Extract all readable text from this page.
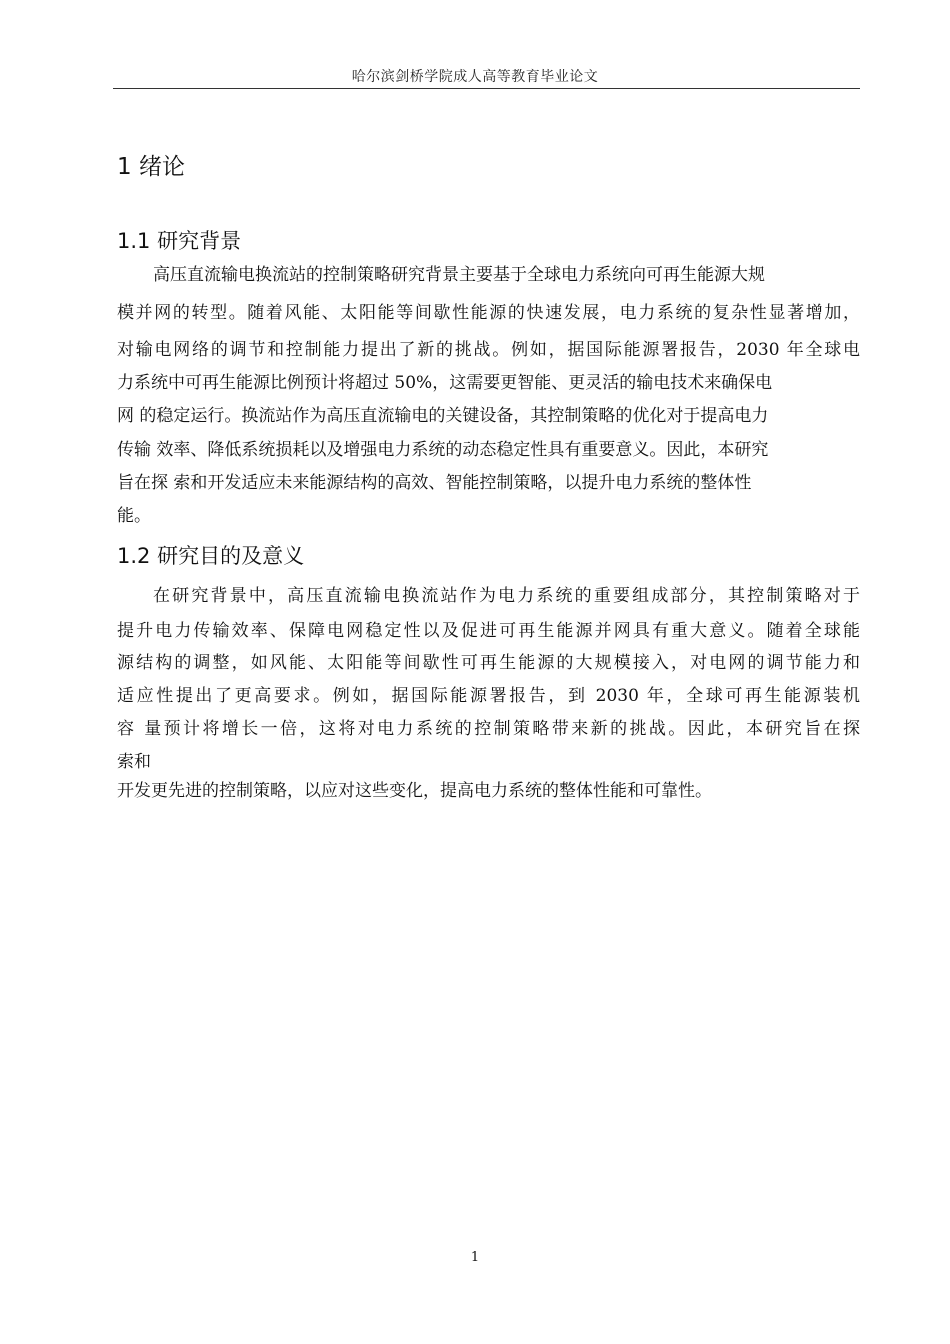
哈尔滨剑桥学院成人高等教育毕业论文
1 绪论
1.1 研究背景

高压直流输电换流站的控制策略研究背景主要基于全球电力系统向可再生能源大规

模并网的转型。随着风能、太阳能等间歇性能源的快速发展，电力系统的复杂性显著增加，

对输电网络的调节和控制能力提出了新的挑战。例如，据国际能源署报告，2030 年全球电

力系统中可再生能源比例预计将超过 50%，这需要更智能、更灵活的输电技术来确保电

网 的稳定运行。换流站作为高压直流输电的关键设备，其控制策略的优化对于提高电力

传输 效率、降低系统损耗以及增强电力系统的动态稳定性具有重要意义。因此，本研究

旨在探 索和开发适应未来能源结构的高效、智能控制策略，以提升电力系统的整体性

能。

1.2 研究目的及意义

在研究背景中，高压直流输电换流站作为电力系统的重要组成部分，其控制策略对于

提升电力传输效率、保障电网稳定性以及促进可再生能源并网具有重大意义。随着全球能

源结构的调整，如风能、太阳能等间歇性可再生能源的大规模接入，对电网的调节能力和

适应性提出了更高要求。例如，据国际能源署报告，到 2030 年，全球可再生能源装机

容 量预计将增长一倍，这将对电力系统的控制策略带来新的挑战。因此，本研究旨在探

索和

开发更先进的控制策略，以应对这些变化，提高电力系统的整体性能和可靠性。

1
